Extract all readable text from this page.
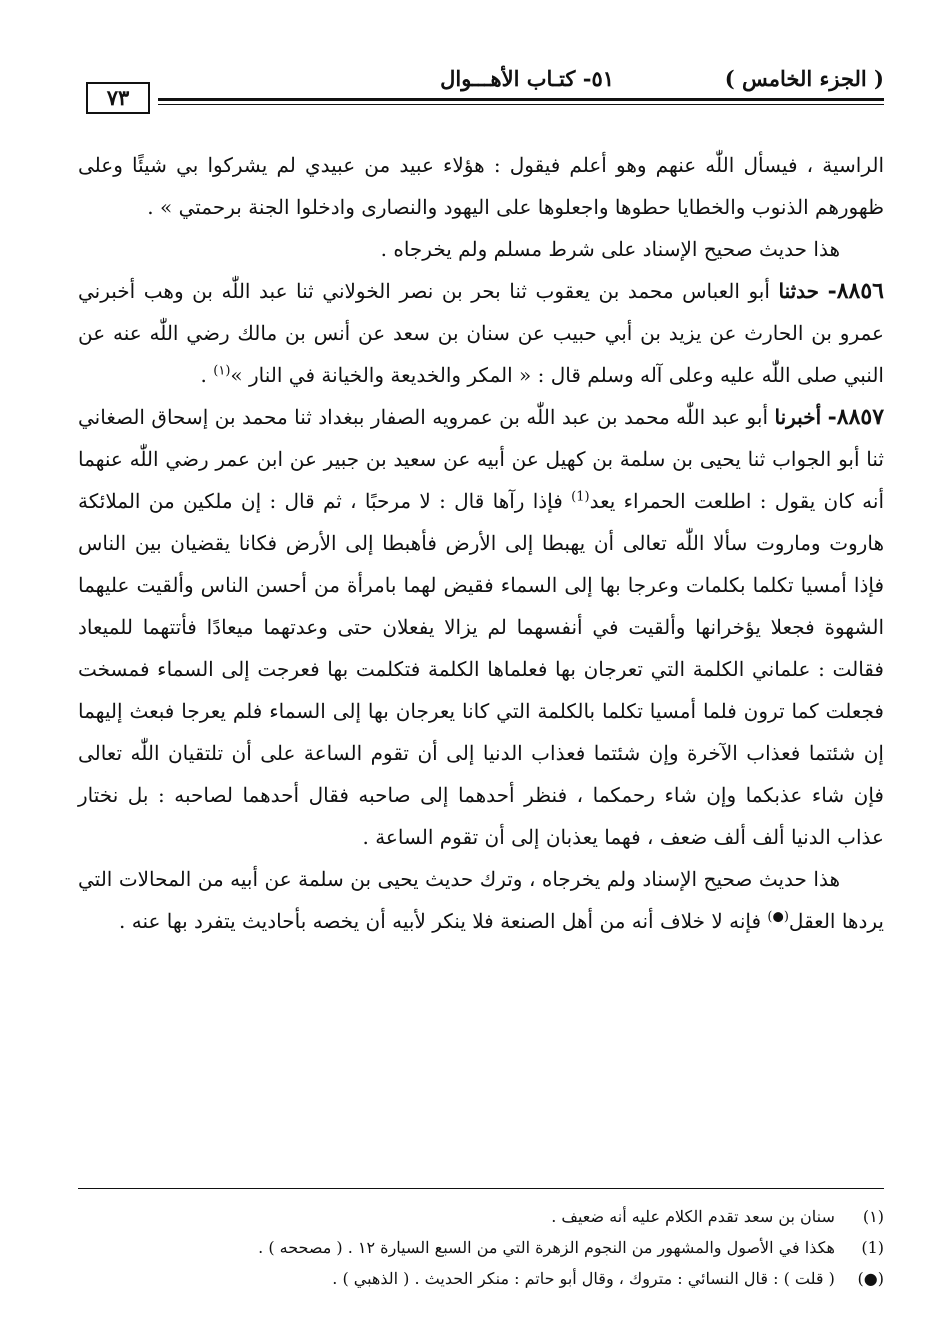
( الجزء الخامس )
٥١- كتـاب الأهـــوال
٧٣

الراسية ، فيسأل اللّٰه عنهم وهو أعلم فيقول : هؤلاء عبيد من عبيدي لم يشركوا بي شيئًا وعلى ظهورهم الذنوب والخطايا حطوها واجعلوها على اليهود والنصارى وادخلوا الجنة برحمتي » .

هذا حديث صحيح الإسناد على شرط مسلم ولم يخرجاه .

٨٨٥٦- حدثنا أبو العباس محمد بن يعقوب ثنا بحر بن نصر الخولاني ثنا عبد اللّٰه بن وهب أخبرني عمرو بن الحارث عن يزيد بن أبي حبيب عن سنان بن سعد عن أنس بن مالك رضي اللّٰه عنه عن النبي صلى اللّٰه عليه وعلى آله وسلم قال : « المكر والخديعة والخيانة في النار »$^{(١)}$ .

٨٨٥٧- أخبرنا أبو عبد اللّٰه محمد بن عبد اللّٰه بن عمرويه الصفار ببغداد ثنا محمد بن إسحاق الصغاني ثنا أبو الجواب ثنا يحيى بن سلمة بن كهيل عن أبيه عن سعيد بن جبير عن ابن عمر رضي اللّٰه عنهما أنه كان يقول : اطلعت الحمراء يعد$^{(1)}$ فإذا رآها قال : لا مرحبًا ، ثم قال : إن ملكين من الملائكة هاروت وماروت سألا اللّٰه تعالى أن يهبطا إلى الأرض فأهبطا إلى الأرض فكانا يقضيان بين الناس فإذا أمسيا تكلما بكلمات وعرجا بها إلى السماء فقيض لهما بامرأة من أحسن الناس وألقيت عليهما الشهوة فجعلا يؤخرانها وألقيت في أنفسهما لم يزالا يفعلان حتى وعدتهما ميعادًا فأتتهما للميعاد فقالت : علماني الكلمة التي تعرجان بها فعلماها الكلمة فتكلمت بها فعرجت إلى السماء فمسخت فجعلت كما ترون فلما أمسيا تكلما بالكلمة التي كانا يعرجان بها إلى السماء فلم يعرجا فبعث إليهما إن شئتما فعذاب الآخرة وإن شئتما فعذاب الدنيا إلى أن تقوم الساعة على أن تلتقيان اللّٰه تعالى فإن شاء عذبكما وإن شاء رحمكما ، فنظر أحدهما إلى صاحبه فقال أحدهما لصاحبه : بل نختار عذاب الدنيا ألف ألف ضعف ، فهما يعذبان إلى أن تقوم الساعة .

هذا حديث صحيح الإسناد ولم يخرجاه ، وترك حديث يحيى بن سلمة عن أبيه من المحالات التي يردها العقل(●) فإنه لا خلاف أنه من أهل الصنعة فلا ينكر لأبيه أن يخصه بأحاديث يتفرد بها عنه .

(١) سنان بن سعد تقدم الكلام عليه أنه ضعيف .

(1) هكذا في الأصول والمشهور من النجوم الزهرة التي من السبع السيارة ١٢ . ( مصححه ) .

(●) ( قلت ) : قال النسائي : متروك ، وقال أبو حاتم : منكر الحديث . ( الذهبي ) .
